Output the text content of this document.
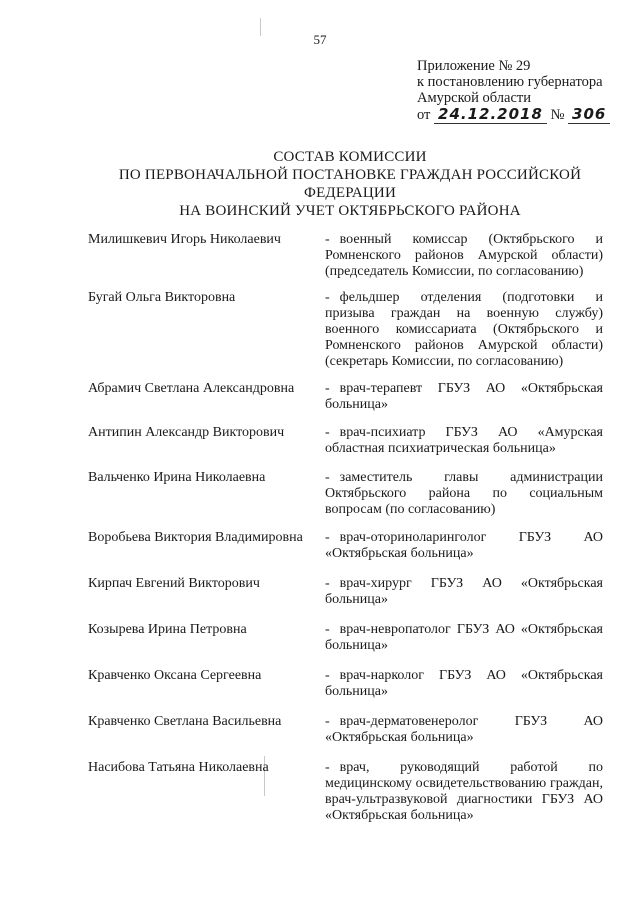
57
Приложение № 29
к постановлению губернатора
Амурской области
от 24.12.2018 № 306
СОСТАВ КОМИССИИ
ПО ПЕРВОНАЧАЛЬНОЙ ПОСТАНОВКЕ ГРАЖДАН РОССИЙСКОЙ ФЕДЕРАЦИИ
НА ВОИНСКИЙ УЧЕТ ОКТЯБРЬСКОГО РАЙОНА
Милишкевич Игорь Николаевич	- военный комиссар (Октябрьского и Ромненского районов Амурской области) (председатель Комиссии, по согласованию)
Бугай Ольга Викторовна	- фельдшер отделения (подготовки и призыва граждан на военную службу) военного комиссариата (Октябрьского и Ромненского районов Амурской области) (секретарь Комиссии, по согласованию)
Абрамич Светлана Александровна	- врач-терапевт ГБУЗ АО «Октябрьская больница»
Антипин Александр Викторович	- врач-психиатр ГБУЗ АО «Амурская областная психиатрическая больница»
Вальченко Ирина Николаевна	- заместитель главы администрации Октябрьского района по социальным вопросам (по согласованию)
Воробьева Виктория Владимировна	- врач-оториноларинголог ГБУЗ АО «Октябрьская больница»
Кирпач Евгений Викторович	- врач-хирург ГБУЗ АО «Октябрьская больница»
Козырева Ирина Петровна	- врач-невропатолог ГБУЗ АО «Октябрьская больница»
Кравченко Оксана Сергеевна	- врач-нарколог ГБУЗ АО «Октябрьская больница»
Кравченко Светлана Васильевна	- врач-дерматовенеролог ГБУЗ АО «Октябрьская больница»
Насибова Татьяна Николаевна	- врач, руководящий работой по медицинскому освидетельствованию граждан, врач-ультразвуковой диагностики ГБУЗ АО «Октябрьская больница»
